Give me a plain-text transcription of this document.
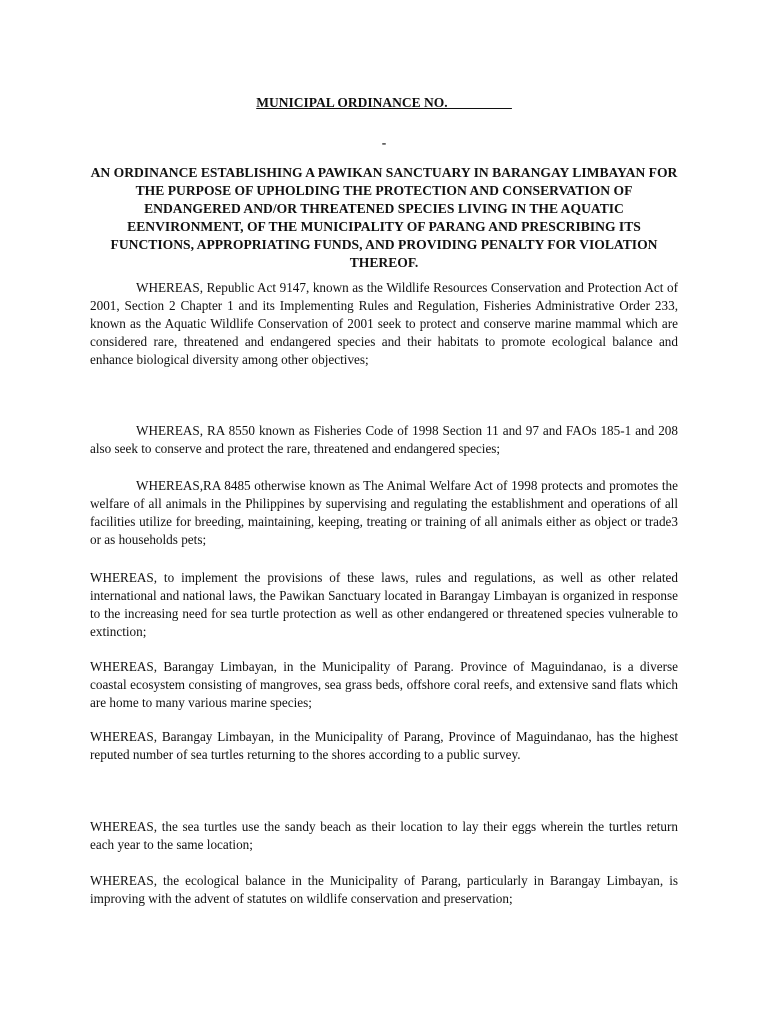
MUNICIPAL ORDINANCE NO. _________
-
AN ORDINANCE ESTABLISHING A PAWIKAN SANCTUARY IN BARANGAY LIMBAYAN FOR THE PURPOSE OF UPHOLDING THE PROTECTION AND CONSERVATION OF ENDANGERED AND/OR THREATENED SPECIES LIVING IN THE AQUATIC EENVIRONMENT, OF THE MUNICIPALITY OF PARANG AND PRESCRIBING ITS FUNCTIONS, APPROPRIATING FUNDS, AND PROVIDING PENALTY FOR VIOLATION THEREOF.

WHEREAS, Republic Act 9147, known as the Wildlife Resources Conservation and Protection Act of 2001, Section 2 Chapter 1 and its Implementing Rules and Regulation, Fisheries Administrative Order 233, known as the Aquatic Wildlife Conservation of 2001 seek to protect and conserve marine mammal which are considered rare, threatened and endangered species and their habitats to promote ecological balance and enhance biological diversity among other objectives;

WHEREAS, RA 8550 known as Fisheries Code of 1998 Section 11 and 97 and FAOs 185-1 and 208 also seek to conserve and protect the rare, threatened and endangered species;

WHEREAS,RA 8485 otherwise known as The Animal Welfare Act of 1998 protects and promotes the welfare of all animals in the Philippines by supervising and regulating the establishment and operations of all facilities utilize for breeding, maintaining, keeping, treating or training of all animals either as object or trade3 or as households pets;

WHEREAS, to implement the provisions of these laws, rules and regulations, as well as other related international and national laws, the Pawikan Sanctuary located in Barangay Limbayan is organized in response to the increasing need for sea turtle protection as well as other endangered or threatened species vulnerable to extinction;

WHEREAS, Barangay Limbayan, in the Municipality of Parang. Province of Maguindanao, is a diverse coastal ecosystem consisting of mangroves, sea grass beds, offshore coral reefs, and extensive sand flats which are home to many various marine species;

WHEREAS, Barangay Limbayan, in the Municipality of Parang, Province of Maguindanao, has the highest reputed number of sea turtles returning to the shores according to a public survey.

WHEREAS, the sea turtles use the sandy beach as their location to lay their eggs wherein the turtles return each year to the same location;

WHEREAS, the ecological balance in the Municipality of Parang, particularly in Barangay Limbayan, is improving with the advent of statutes on wildlife conservation and preservation;
